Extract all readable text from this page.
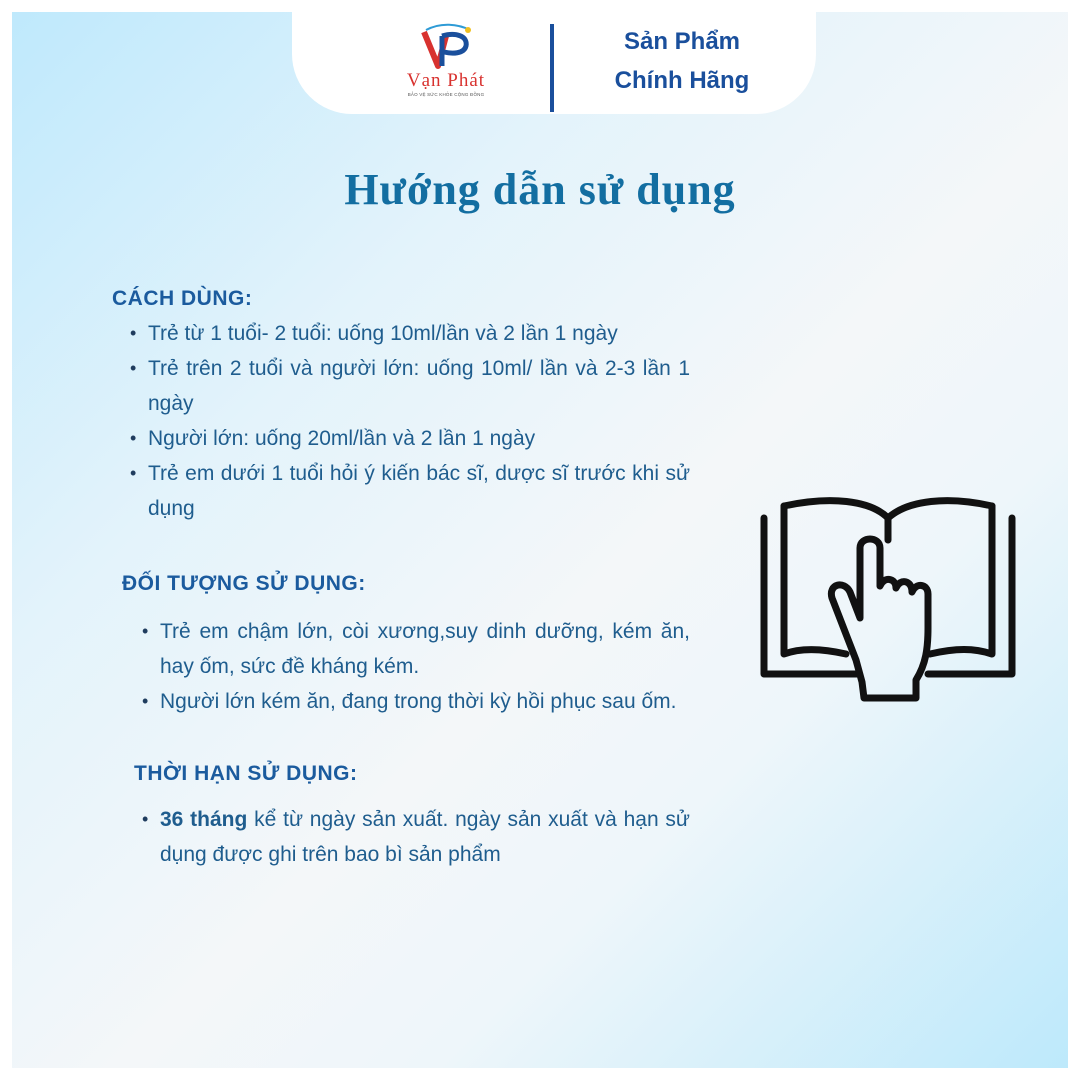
Vạn Phát
BẢO VỆ SỨC KHỎE CỘNG ĐỒNG
Sản Phẩm
Chính Hãng
Hướng dẫn sử dụng
CÁCH DÙNG:
• Trẻ từ 1 tuổi- 2 tuổi: uống 10ml/lần và 2 lần 1 ngày
• Trẻ trên 2 tuổi và người lớn: uống 10ml/ lần và 2-3 lần 1 ngày
• Người lớn: uống 20ml/lần và 2 lần 1 ngày
• Trẻ em dưới 1 tuổi hỏi ý kiến bác sĩ, dược sĩ trước khi sử dụng
ĐỐI TƯỢNG SỬ DỤNG:
• Trẻ em chậm lớn, còi xương,suy dinh dưỡng, kém ăn, hay ốm, sức đề kháng kém.
• Người lớn kém ăn, đang trong thời kỳ hồi phục sau ốm.
THỜI HẠN SỬ DỤNG:
• 36 tháng kể từ ngày sản xuất. ngày sản xuất và hạn sử dụng được ghi trên bao bì sản phẩm
